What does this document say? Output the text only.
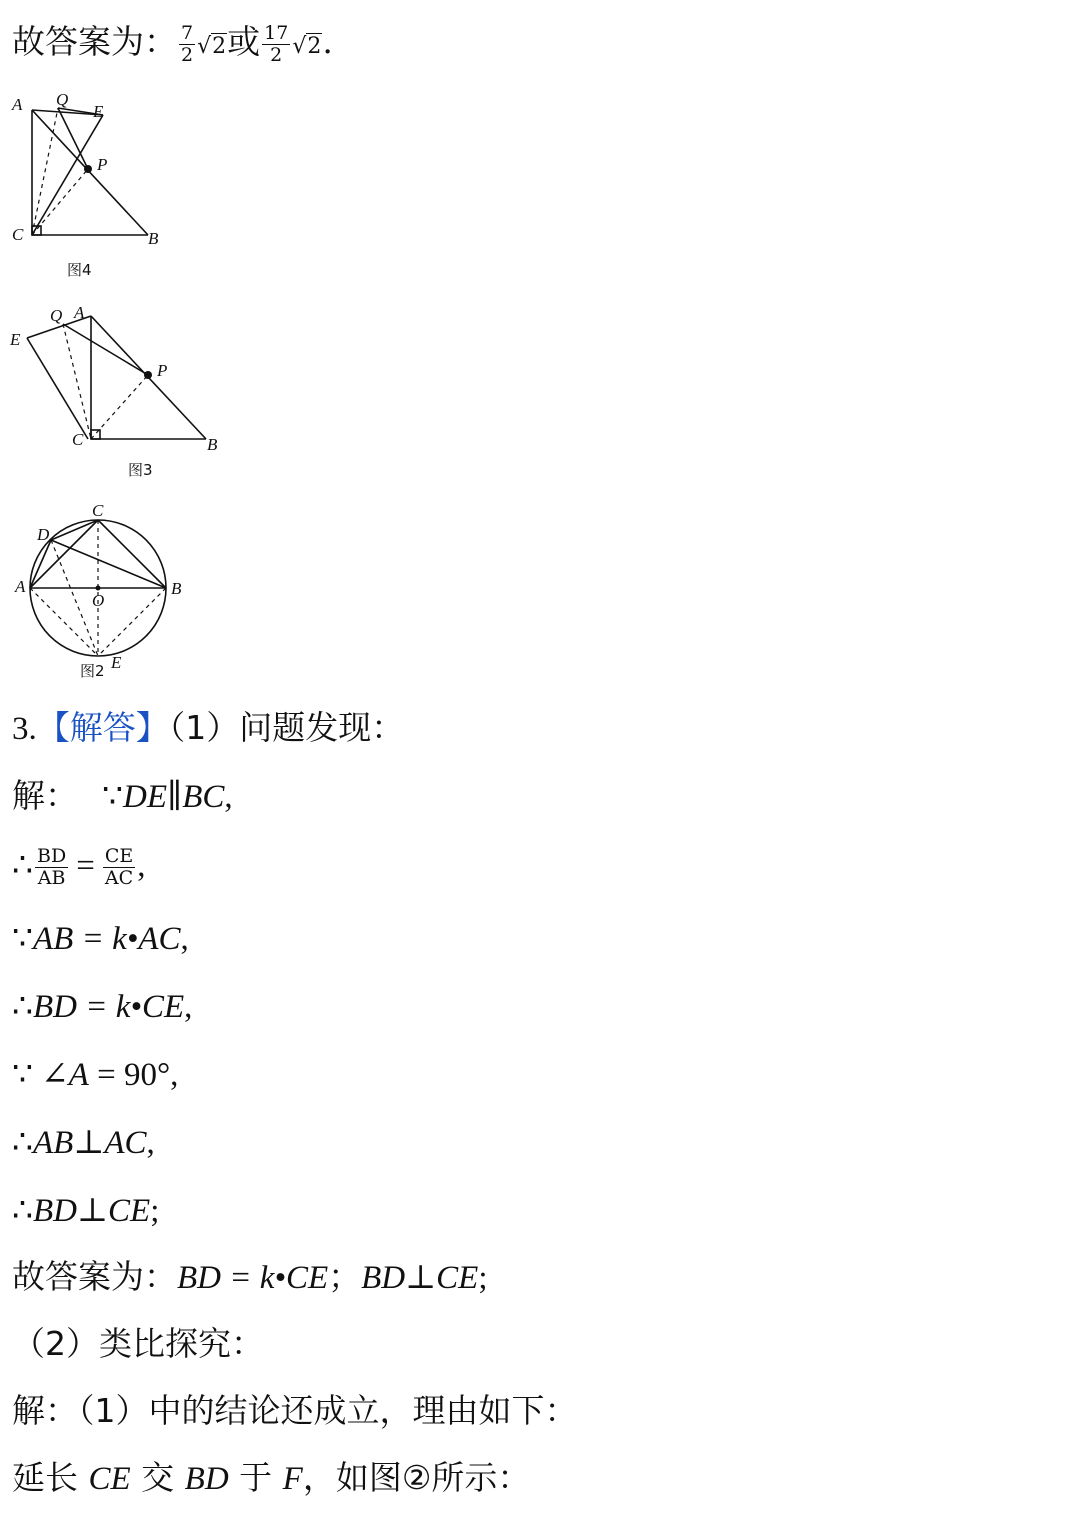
故答案为： $\frac{7}{2} √2$或 $\frac{17}{2} √2$.
A Q
E
P
C	B
图4
Q A
E
P
C	B
图3
C
D
A
O
B
E
图2
3.【解答】（1）问题发现：
解： ∵DE∥BC,
∴ $\frac{BD}{AB} = \frac{CE}{AC}$ ,
∵AB = k•AC,
∴BD = k•CE,
∵ ∠A = 90°,
∴AB⊥AC,
∴BD⊥CE;
故答案为：BD = k•CE；BD⊥CE;
（2）类比探究：
解：（1）中的结论还成立，理由如下：
延长 CE 交 BD 于 F，如图②所示：
